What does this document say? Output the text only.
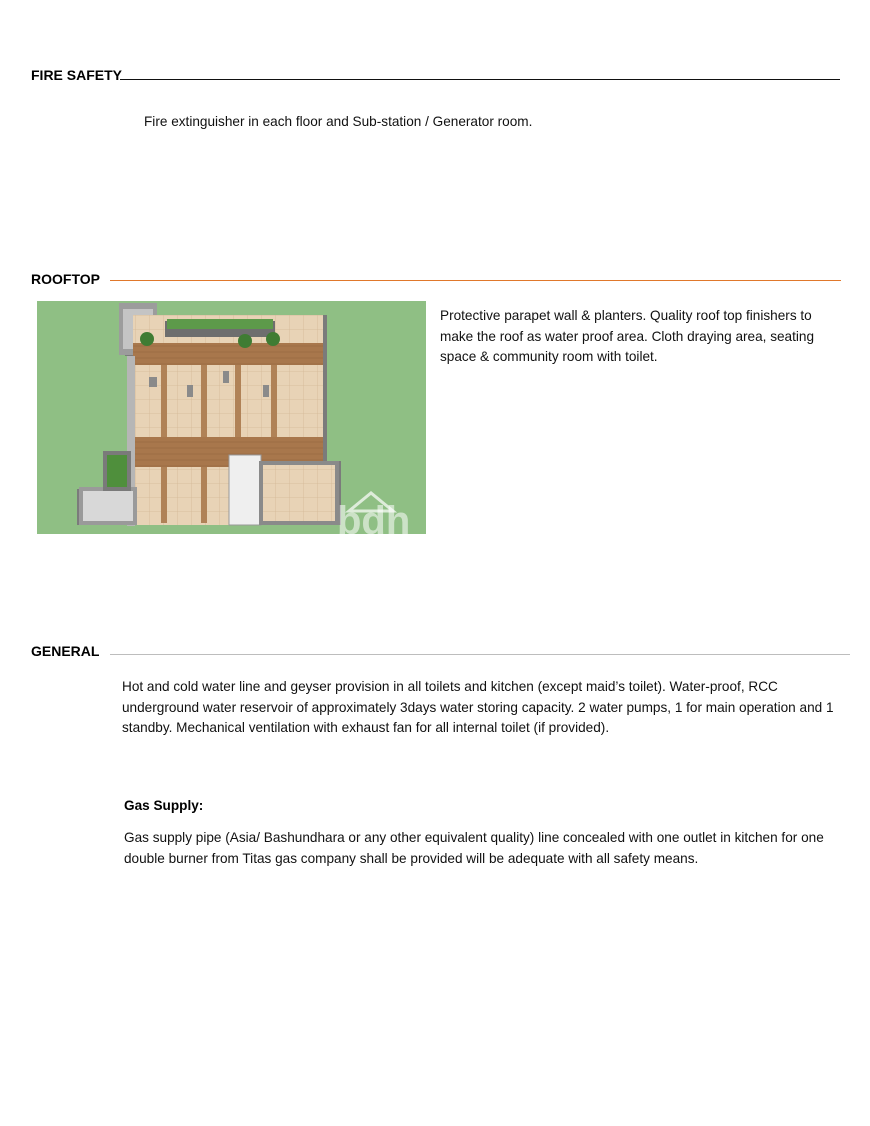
FIRE SAFETY
Fire extinguisher in each floor and Sub-station / Generator room.
ROOFTOP
bdh
Protective parapet wall & planters. Quality roof top finishers to make the roof as water proof area. Cloth draying area, seating space & community room with toilet.
GENERAL
Hot and cold water line and geyser provision in all toilets and kitchen (except maid’s toilet). Water-proof, RCC underground water reservoir of approximately 3days water storing capacity. 2 water pumps, 1 for main operation and 1 standby. Mechanical ventilation with exhaust fan for all internal toilet (if provided).
Gas Supply:
Gas supply pipe (Asia/ Bashundhara or any other equivalent quality) line concealed with one outlet in kitchen for one double burner from Titas gas company shall be provided will be adequate with all safety means.
